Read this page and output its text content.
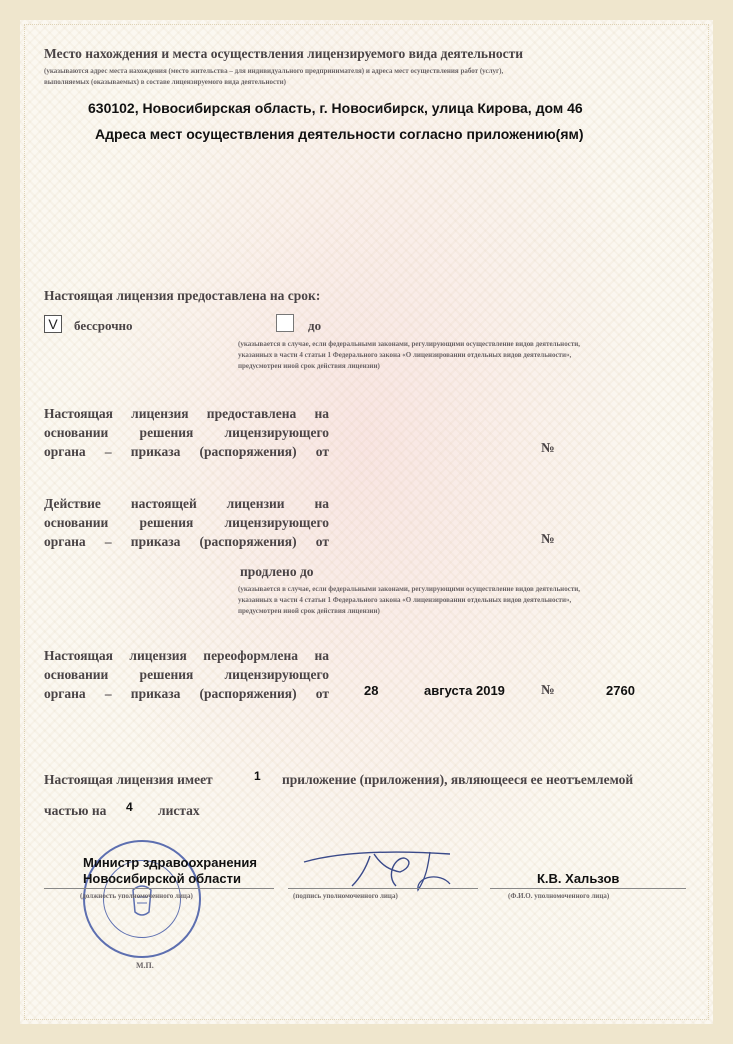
Место нахождения и места осуществления лицензируемого вида деятельности
(указываются адрес места нахождения (место жительства – для индивидуального предпринимателя) и адреса мест осуществления работ (услуг),
выполняемых (оказываемых) в составе лицензируемого вида деятельности)
630102, Новосибирская область, г. Новосибирск, улица Кирова, дом 46
Адреса мест осуществления деятельности согласно приложению(ям)
Настоящая лицензия предоставлена на срок:
V	бессрочно	до
(указывается в случае, если федеральными законами, регулирующими осуществление видов деятельности,
указанных в части 4 статьи 1 Федерального закона «О лицензировании отдельных видов деятельности»,
предусмотрен иной срок действия лицензии)
Настоящая лицензия предоставлена на
основании решения лицензирующего
органа – приказа (распоряжения) от	№
Действие настоящей лицензии на
основании решения лицензирующего
органа – приказа (распоряжения) от	№
продлено до
(указывается в случае, если федеральными законами, регулирующими осуществление видов деятельности,
указанных в части 4 статьи 1 Федерального закона «О лицензировании отдельных видов деятельности»,
предусмотрен иной срок действия лицензии)
Настоящая лицензия переоформлена на
основании решения лицензирующего
органа – приказа (распоряжения) от	28	августа 2019	№	2760
Настоящая лицензия имеет	1 приложение (приложения), являющееся ее неотъемлемой
частью на 4 листах
Министр здравоохранения
Новосибирской области
(должность уполномоченного лица)	(подпись уполномоченного лица)
К.В. Хальзов
(Ф.И.О. уполномоченного лица)
М.П.
